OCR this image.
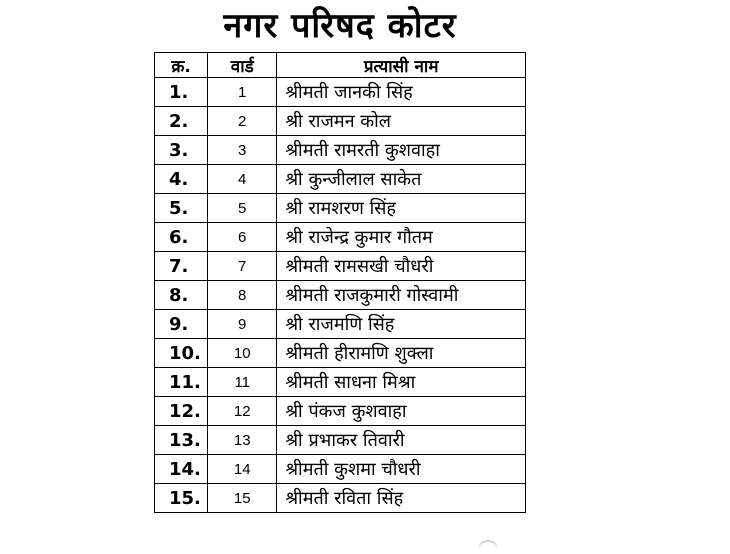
नगर परिषद कोटर
क्र.	वार्ड	प्रत्यासी नाम
1.	1	श्रीमती जानकी सिंह
2.	2	श्री राजमन कोल
3.	3	श्रीमती रामरती कुशवाहा
4.	4	श्री कुन्जीलाल साकेत
5.	5	श्री रामशरण सिंह
6.	6	श्री राजेन्द्र कुमार गौतम
7.	7	श्रीमती रामसखी चौधरी
8.	8	श्रीमती राजकुमारी गोस्वामी
9.	9	श्री राजमणि सिंह
10.	10	श्रीमती हीरामणि शुक्ला
11.	11	श्रीमती साधना मिश्रा
12.	12	श्री पंकज कुशवाहा
13.	13	श्री प्रभाकर तिवारी
14.	14	श्रीमती कुशमा चौधरी
15.	15	श्रीमती रविता सिंह
